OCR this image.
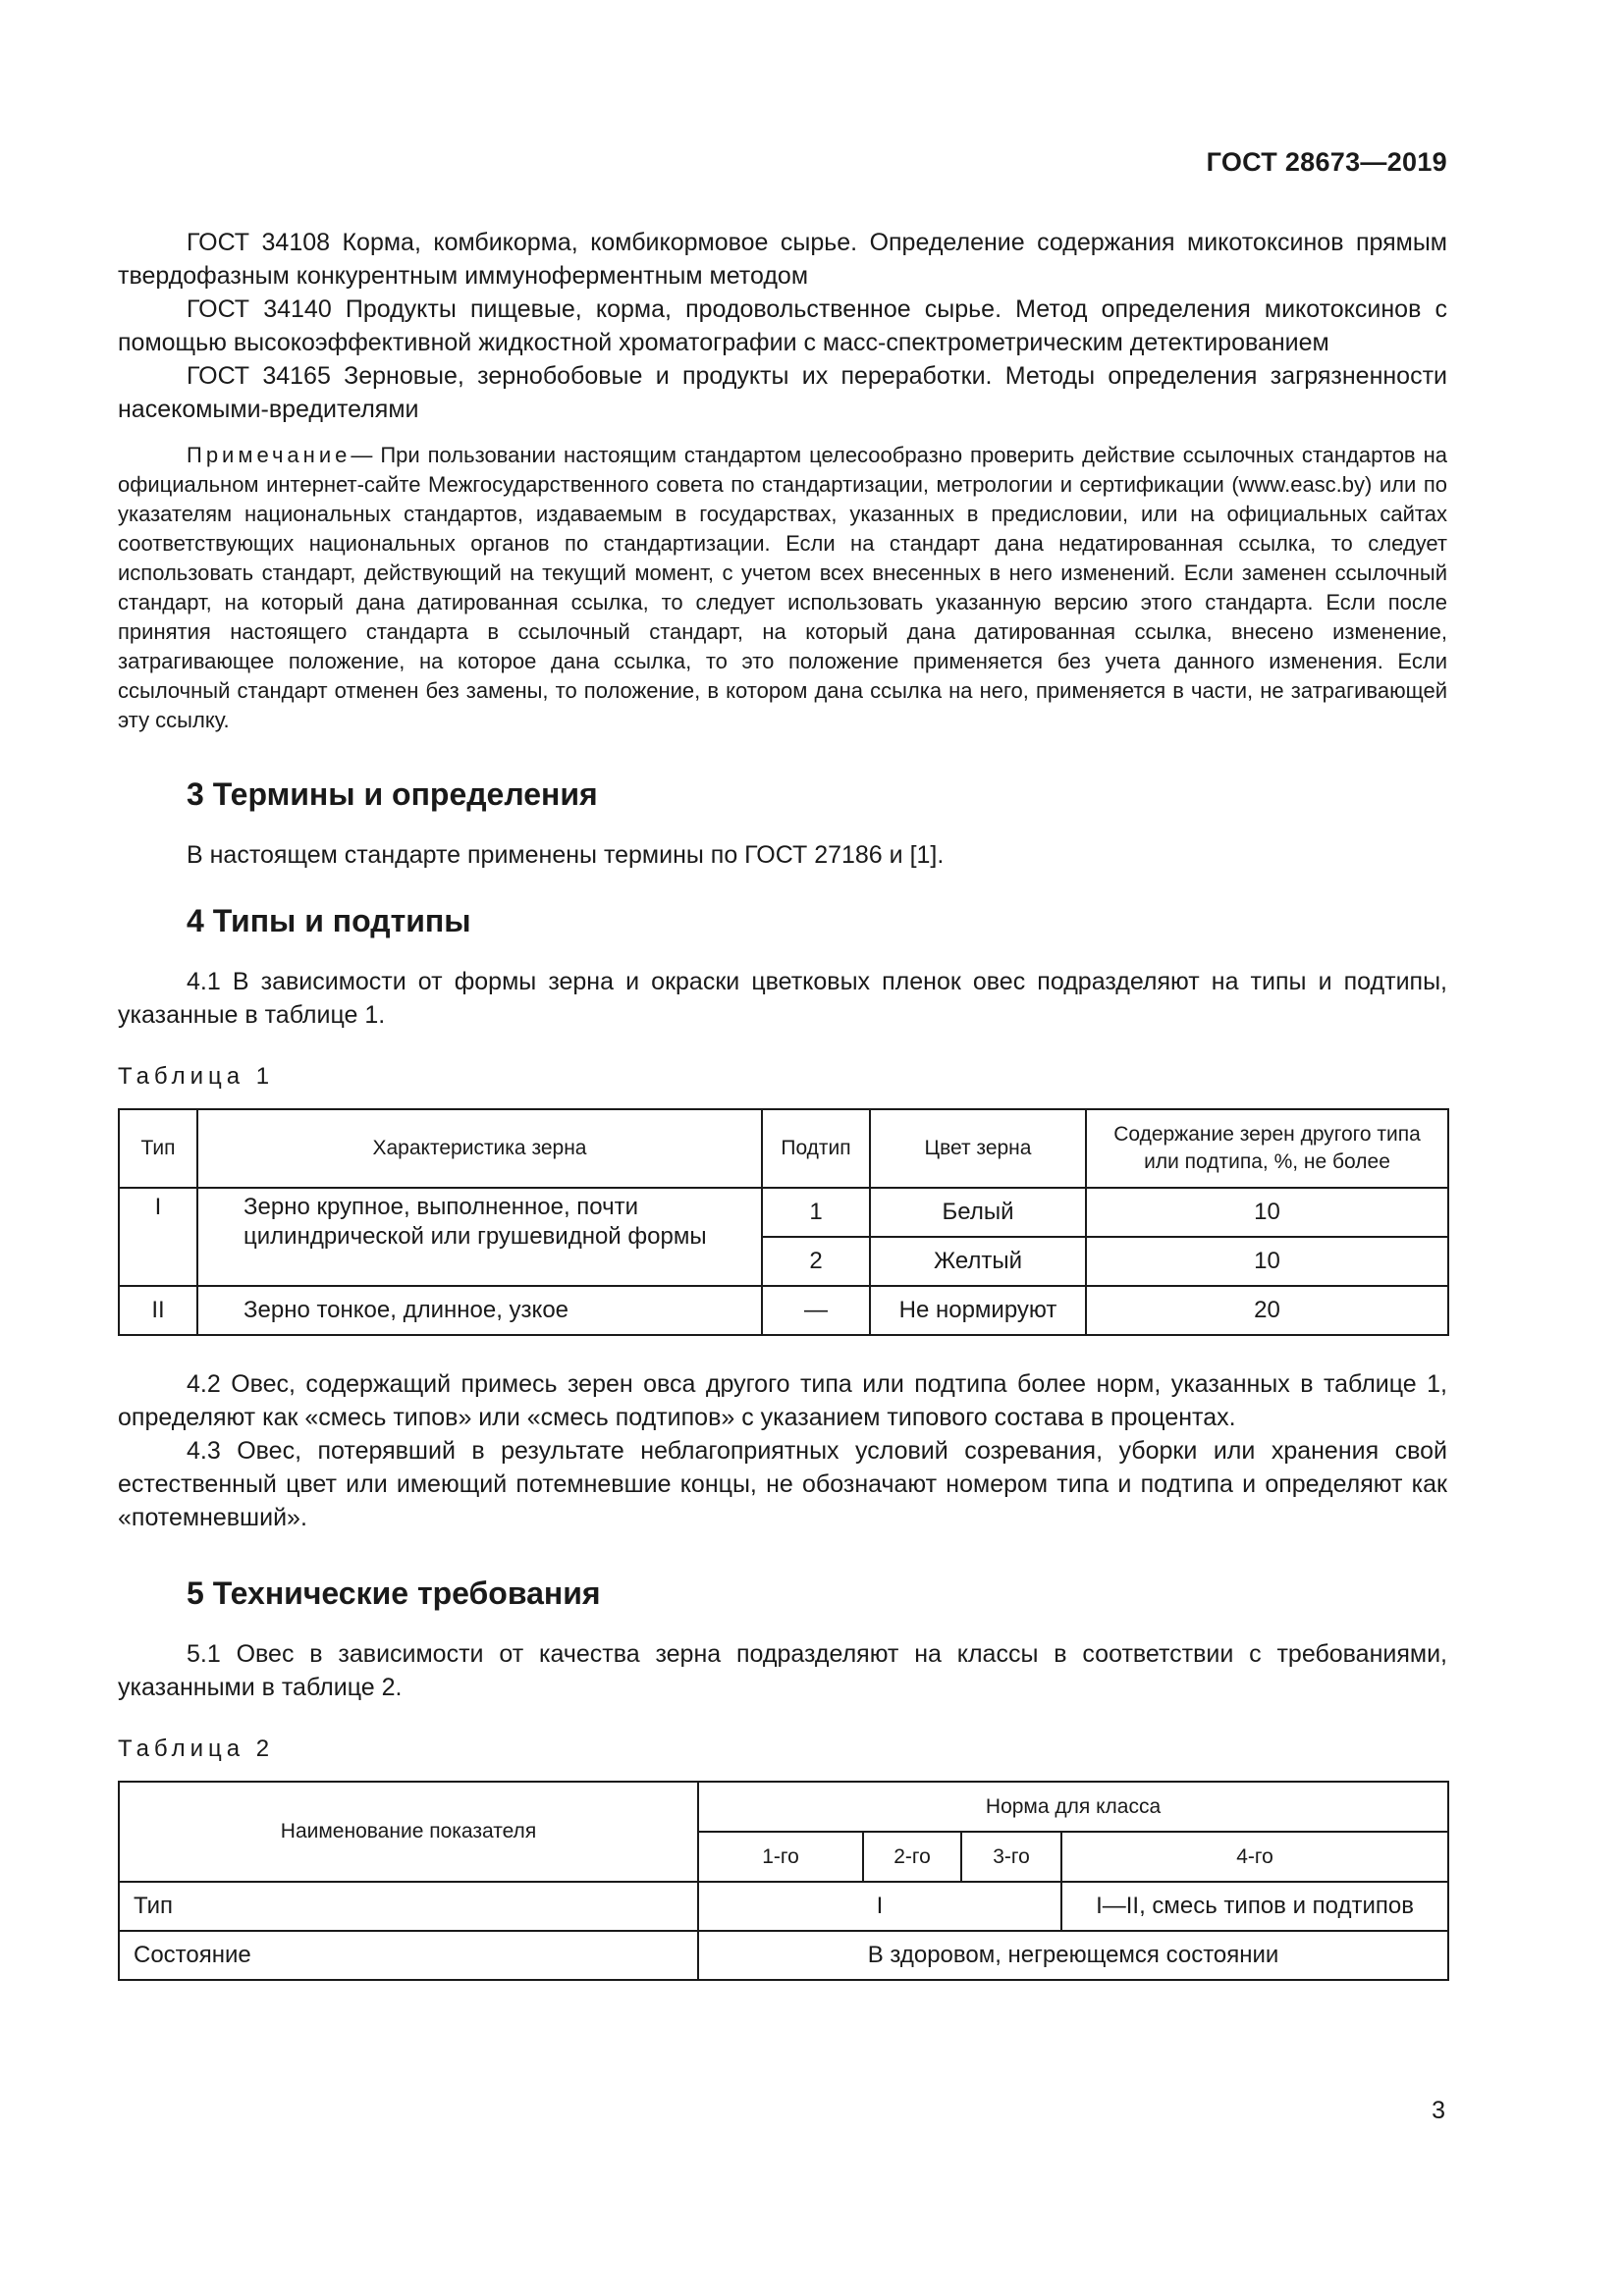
ГОСТ 28673—2019

ГОСТ 34108 Корма, комбикорма, комбикормовое сырье. Определение содержания микотоксинов прямым твердофазным конкурентным иммуноферментным методом

ГОСТ 34140 Продукты пищевые, корма, продовольственное сырье. Метод определения микотоксинов с помощью высокоэффективной жидкостной хроматографии с масс-спектрометрическим детектированием

ГОСТ 34165 Зерновые, зернобобовые и продукты их переработки. Методы определения загрязненности насекомыми-вредителями

Примечание— При пользовании настоящим стандартом целесообразно проверить действие ссылочных стандартов на официальном интернет-сайте Межгосударственного совета по стандартизации, метрологии и сертификации (www.easc.by) или по указателям национальных стандартов, издаваемым в государствах, указанных в предисловии, или на официальных сайтах соответствующих национальных органов по стандартизации. Если на стандарт дана недатированная ссылка, то следует использовать стандарт, действующий на текущий момент, с учетом всех внесенных в него изменений. Если заменен ссылочный стандарт, на который дана датированная ссылка, то следует использовать указанную версию этого стандарта. Если после принятия настоящего стандарта в ссылочный стандарт, на который дана датированная ссылка, внесено изменение, затрагивающее положение, на которое дана ссылка, то это положение применяется без учета данного изменения. Если ссылочный стандарт отменен без замены, то положение, в котором дана ссылка на него, применяется в части, не затрагивающей эту ссылку.

3 Термины и определения

В настоящем стандарте применены термины по ГОСТ 27186 и [1].

4 Типы и подтипы

4.1 В зависимости от формы зерна и окраски цветковых пленок овес подразделяют на типы и подтипы, указанные в таблице 1.

Таблица 1

Тип	Характеристика зерна	Подтип	Цвет зерна	Содержание зерен другого типа или подтипа, %, не более
I	Зерно крупное, выполненное, почти цилиндрической или грушевидной формы	1	Белый	10
		2	Желтый	10
II	Зерно тонкое, длинное, узкое	—	Не нормируют	20

4.2 Овес, содержащий примесь зерен овса другого типа или подтипа более норм, указанных в таблице 1, определяют как «смесь типов» или «смесь подтипов» с указанием типового состава в процентах.

4.3 Овес, потерявший в результате неблагоприятных условий созревания, уборки или хранения свой естественный цвет или имеющий потемневшие концы, не обозначают номером типа и подтипа и определяют как «потемневший».

5 Технические требования

5.1 Овес в зависимости от качества зерна подразделяют на классы в соответствии с требованиями, указанными в таблице 2.

Таблица 2

Наименование показателя	Норма для класса			
	1-го	2-го	3-го	4-го
Тип	I			I—II, смесь типов и подтипов
Состояние	В здоровом, негреющемся состоянии			
3
